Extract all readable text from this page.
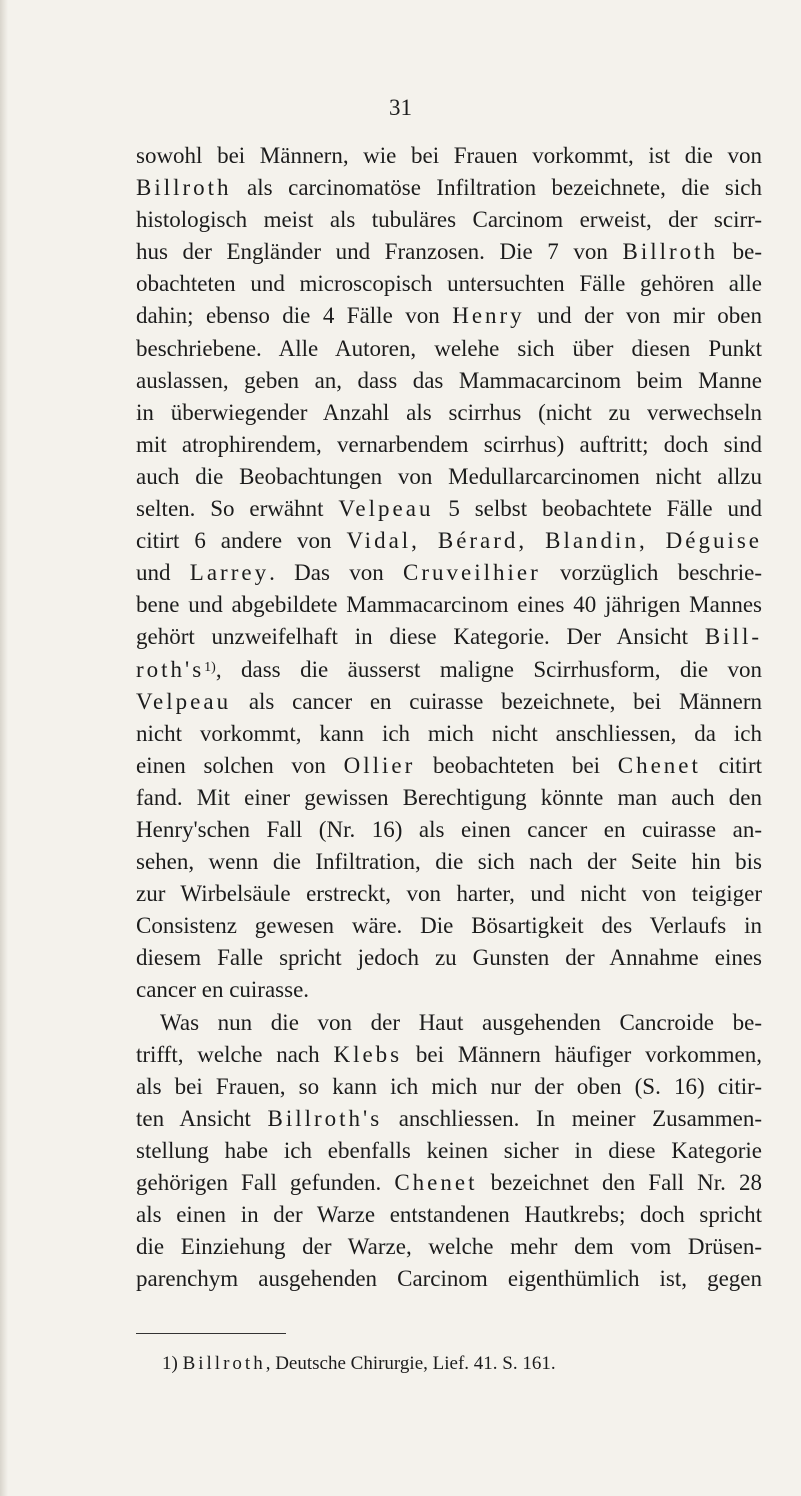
31
sowohl bei Männern, wie bei Frauen vorkommt, ist die von
Billroth als carcinomatöse Infiltration bezeichnete, die sich
histologisch meist als tubuläres Carcinom erweist, der scirr-
hus der Engländer und Franzosen. Die 7 von Billroth be-
obachteten und microscopisch untersuchten Fälle gehören alle
dahin; ebenso die 4 Fälle von Henry und der von mir oben
beschriebene. Alle Autoren, welehe sich über diesen Punkt
auslassen, geben an, dass das Mammacarcinom beim Manne
in überwiegender Anzahl als scirrhus (nicht zu verwechseln
mit atrophirendem, vernarbendem scirrhus) auftritt; doch sind
auch die Beobachtungen von Medullarcarcinomen nicht allzu
selten. So erwähnt Velpeau 5 selbst beobachtete Fälle und
citirt 6 andere von Vidal, Bérard, Blandin, Déguise
und Larrey. Das von Cruveilhier vorzüglich beschrie-
bene und abgebildete Mammacarcinom eines 40 jährigen Mannes
gehört unzweifelhaft in diese Kategorie. Der Ansicht Bill-
$roth's^{1)}$, dass die äusserst maligne Scirrhusform, die von
Velpeau als cancer en cuirasse bezeichnete, bei Männern
nicht vorkommt, kann ich mich nicht anschliessen, da ich
einen solchen von Ollier beobachteten bei Chenet citirt
fand. Mit einer gewissen Berechtigung könnte man auch den
Henry'schen Fall (Nr. 16) als einen cancer en cuirasse an-
sehen, wenn die Infiltration, die sich nach der Seite hin bis
zur Wirbelsäule erstreckt, von harter, und nicht von teigiger
Consistenz gewesen wäre. Die Bösartigkeit des Verlaufs in
diesem Falle spricht jedoch zu Gunsten der Annahme eines
cancer en cuirasse.
Was nun die von der Haut ausgehenden Cancroide be-
trifft, welche nach Klebs bei Männern häufiger vorkommen,
als bei Frauen, so kann ich mich nur der oben (S. 16) citir-
ten Ansicht Billroth's anschliessen. In meiner Zusammen-
stellung habe ich ebenfalls keinen sicher in diese Kategorie
gehörigen Fall gefunden. Chenet bezeichnet den Fall Nr. 28
als einen in der Warze entstandenen Hautkrebs; doch spricht
die Einziehung der Warze, welche mehr dem vom Drüsen-
parenchym ausgehenden Carcinom eigenthümlich ist, gegen
1) Billroth, Deutsche Chirurgie, Lief. 41. S. 161.
